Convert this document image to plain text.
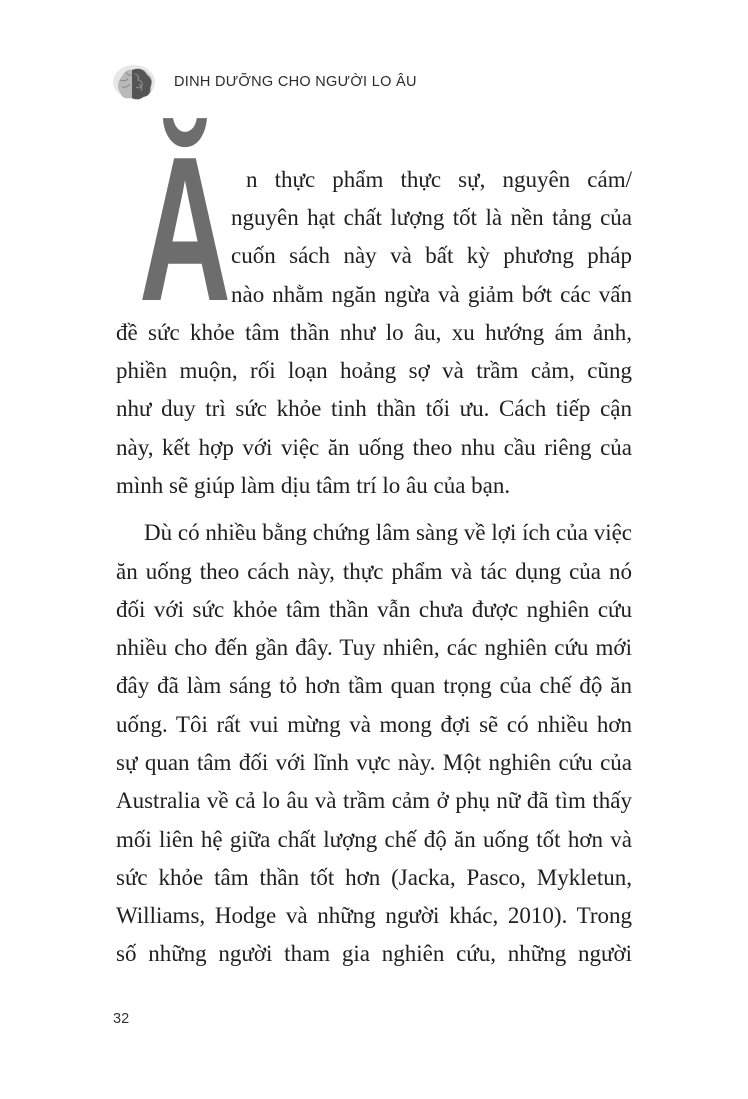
DINH DƯỠNG CHO NGƯỜI LO ÂU
Ă n thực phẩm thực sự, nguyên cám/
nguyên hạt chất lượng tốt là nền tảng của
cuốn sách này và bất kỳ phương pháp
nào nhằm ngăn ngừa và giảm bớt các vấn
đề sức khỏe tâm thần như lo âu, xu hướng ám ảnh,
phiền muộn, rối loạn hoảng sợ và trầm cảm, cũng
như duy trì sức khỏe tinh thần tối ưu. Cách tiếp cận
này, kết hợp với việc ăn uống theo nhu cầu riêng của
mình sẽ giúp làm dịu tâm trí lo âu của bạn.
Dù có nhiều bằng chứng lâm sàng về lợi ích của việc
ăn uống theo cách này, thực phẩm và tác dụng của nó
đối với sức khỏe tâm thần vẫn chưa được nghiên cứu
nhiều cho đến gần đây. Tuy nhiên, các nghiên cứu mới
đây đã làm sáng tỏ hơn tầm quan trọng của chế độ ăn
uống. Tôi rất vui mừng và mong đợi sẽ có nhiều hơn
sự quan tâm đối với lĩnh vực này. Một nghiên cứu của
Australia về cả lo âu và trầm cảm ở phụ nữ đã tìm thấy
mối liên hệ giữa chất lượng chế độ ăn uống tốt hơn và
sức khỏe tâm thần tốt hơn (Jacka, Pasco, Mykletun,
Williams, Hodge và những người khác, 2010). Trong
số những người tham gia nghiên cứu, những người
32
